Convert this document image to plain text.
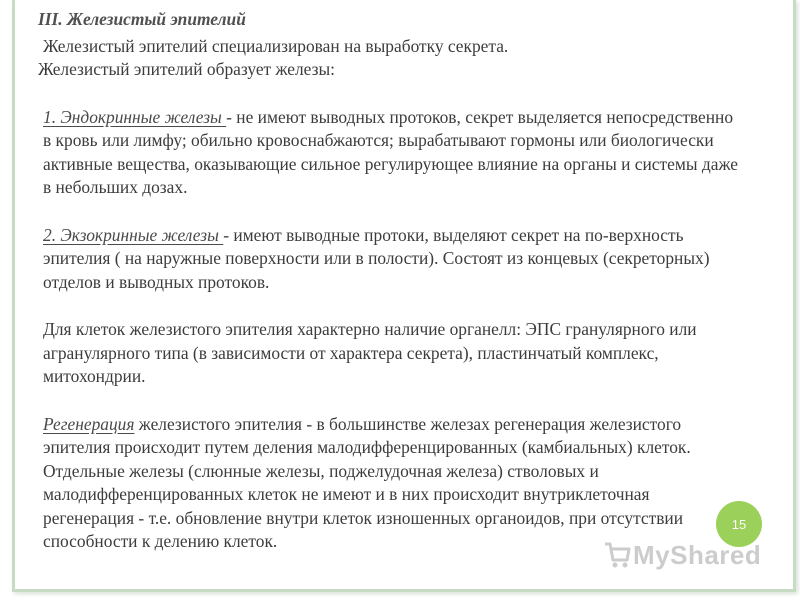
III. Железистый эпителий
Железистый эпителий специализирован на выработку секрета.
Железистый эпителий образует железы:
1. Эндокринные железы - не имеют выводных протоков, секрет выделяется непосредственно в кровь или лимфу; обильно кровоснабжаются; вырабатывают гормоны или биологически активные вещества, оказывающие сильное регулирующее влияние на органы и системы даже в небольших дозах.
2. Экзокринные железы - имеют выводные протоки, выделяют секрет на по-верхность эпителия ( на наружные поверхности или в полости). Состоят из концевых (секреторных) отделов и выводных протоков.
Для клеток железистого эпителия характерно наличие органелл: ЭПС гранулярного или агранулярного типа (в зависимости от характера секрета), пластинчатый комплекс, митохондрии.
Регенерация железистого эпителия - в большинстве железах регенерация железистого эпителия происходит путем деления малодифференцированных (камбиальных) клеток. Отдельные железы (слюнные железы, поджелудочная железа) стволовых и малодифференцированных клеток не имеют и в них происходит внутриклеточная регенерация - т.е. обновление внутри клеток изношенных органоидов, при отсутствии способности к делению клеток.
15
MyShared
